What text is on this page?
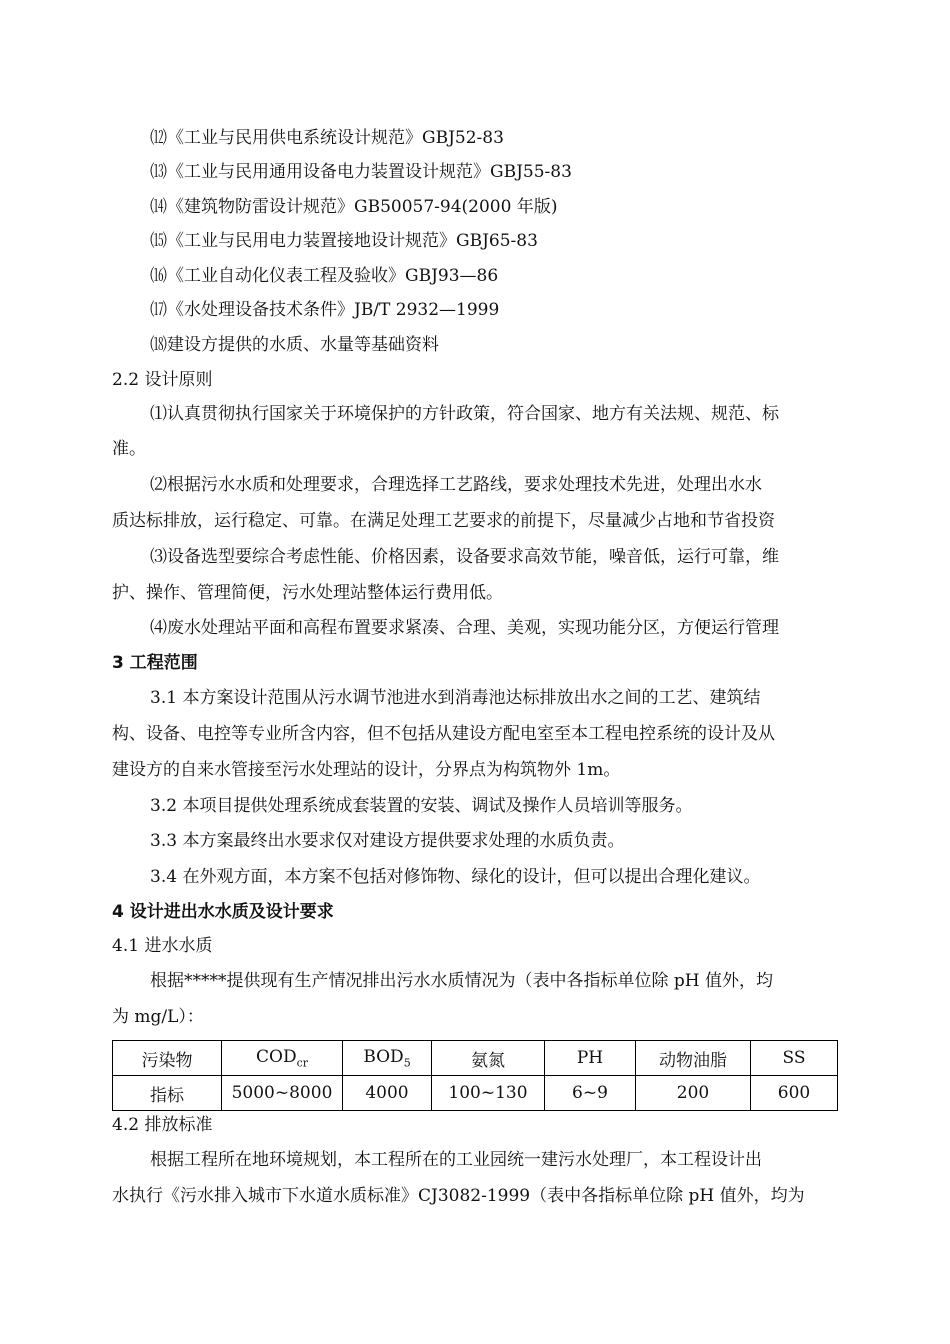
⑿《工业与民用供电系统设计规范》GBJ52-83
⒀《工业与民用通用设备电力装置设计规范》GBJ55-83
⒁《建筑物防雷设计规范》GB50057-94(2000 年版)
⒂《工业与民用电力装置接地设计规范》GBJ65-83
⒃《工业自动化仪表工程及验收》GBJ93—86
⒄《水处理设备技术条件》JB/T 2932—1999
⒅建设方提供的水质、水量等基础资料
2.2 设计原则
⑴认真贯彻执行国家关于环境保护的方针政策，符合国家、地方有关法规、规范、标
准。
⑵根据污水水质和处理要求，合理选择工艺路线，要求处理技术先进，处理出水水
质达标排放，运行稳定、可靠。在满足处理工艺要求的前提下，尽量减少占地和节省投资
⑶设备选型要综合考虑性能、价格因素，设备要求高效节能，噪音低，运行可靠，维
护、操作、管理简便，污水处理站整体运行费用低。
⑷废水处理站平面和高程布置要求紧凑、合理、美观，实现功能分区，方便运行管理
3 工程范围
3.1 本方案设计范围从污水调节池进水到消毒池达标排放出水之间的工艺、建筑结
构、设备、电控等专业所含内容，但不包括从建设方配电室至本工程电控系统的设计及从
建设方的自来水管接至污水处理站的设计，分界点为构筑物外 1m。
3.2 本项目提供处理系统成套装置的安装、调试及操作人员培训等服务。
3.3 本方案最终出水要求仅对建设方提供要求处理的水质负责。
3.4 在外观方面，本方案不包括对修饰物、绿化的设计，但可以提出合理化建议。
4 设计进出水水质及设计要求
4.1 进水水质
根据*****提供现有生产情况排出污水水质情况为（表中各指标单位除 pH 值外，均
为 mg/L）：
污染物	$COD_{cr}$	$BOD_5$	氨氮	PH	动物油脂	SS
指标	5000~8000	4000	100~130	6~9	200	600
4.2 排放标准
根据工程所在地环境规划，本工程所在的工业园统一建污水处理厂，本工程设计出
水执行《污水排入城市下水道水质标准》CJ3082-1999（表中各指标单位除 pH 值外，均为
